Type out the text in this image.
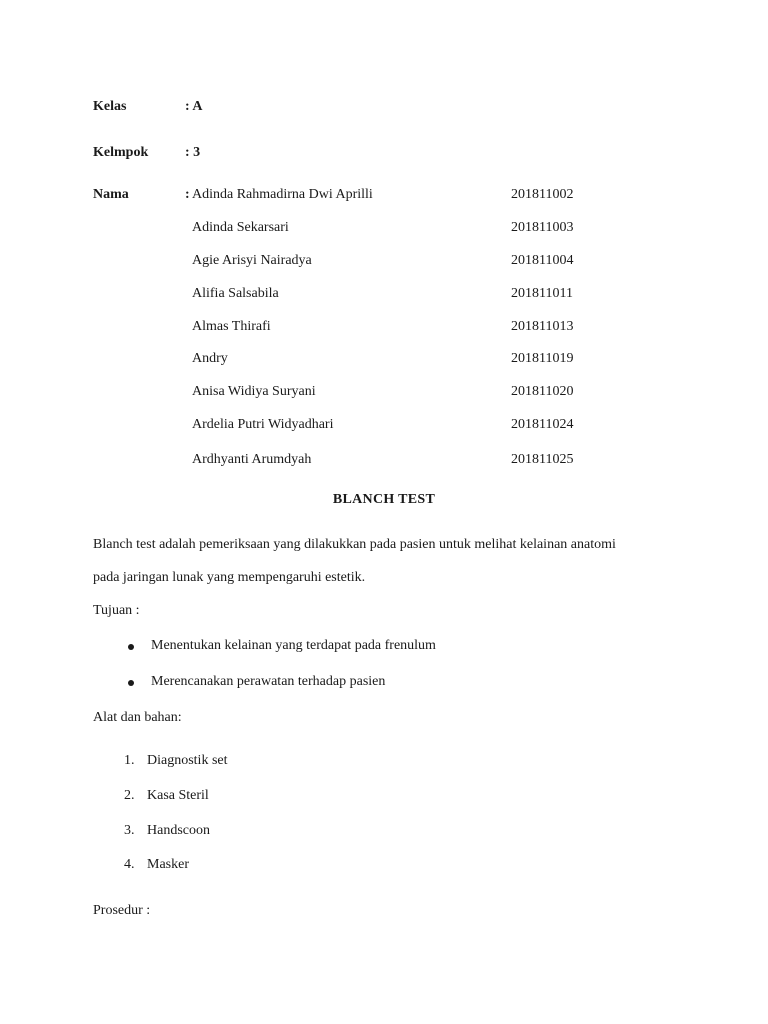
Kelas	: A
Kelmpok	: 3
Nama	: Adinda Rahmadirna Dwi Aprilli	201811002
Adinda Sekarsari	201811003
Agie Arisyi Nairadya	201811004
Alifia Salsabila	201811011
Almas Thirafi	201811013
Andry	201811019
Anisa Widiya Suryani	201811020
Ardelia Putri Widyadhari	201811024
Ardhyanti Arumdyah	201811025
BLANCH TEST
Blanch test adalah pemeriksaan yang dilakukkan pada pasien untuk melihat kelainan anatomi
pada jaringan lunak yang mempengaruhi estetik.
Tujuan :
Menentukan kelainan yang terdapat pada frenulum
Merencanakan perawatan terhadap pasien
Alat dan bahan:
1. Diagnostik set
2. Kasa Steril
3. Handscoon
4. Masker
Prosedur :
